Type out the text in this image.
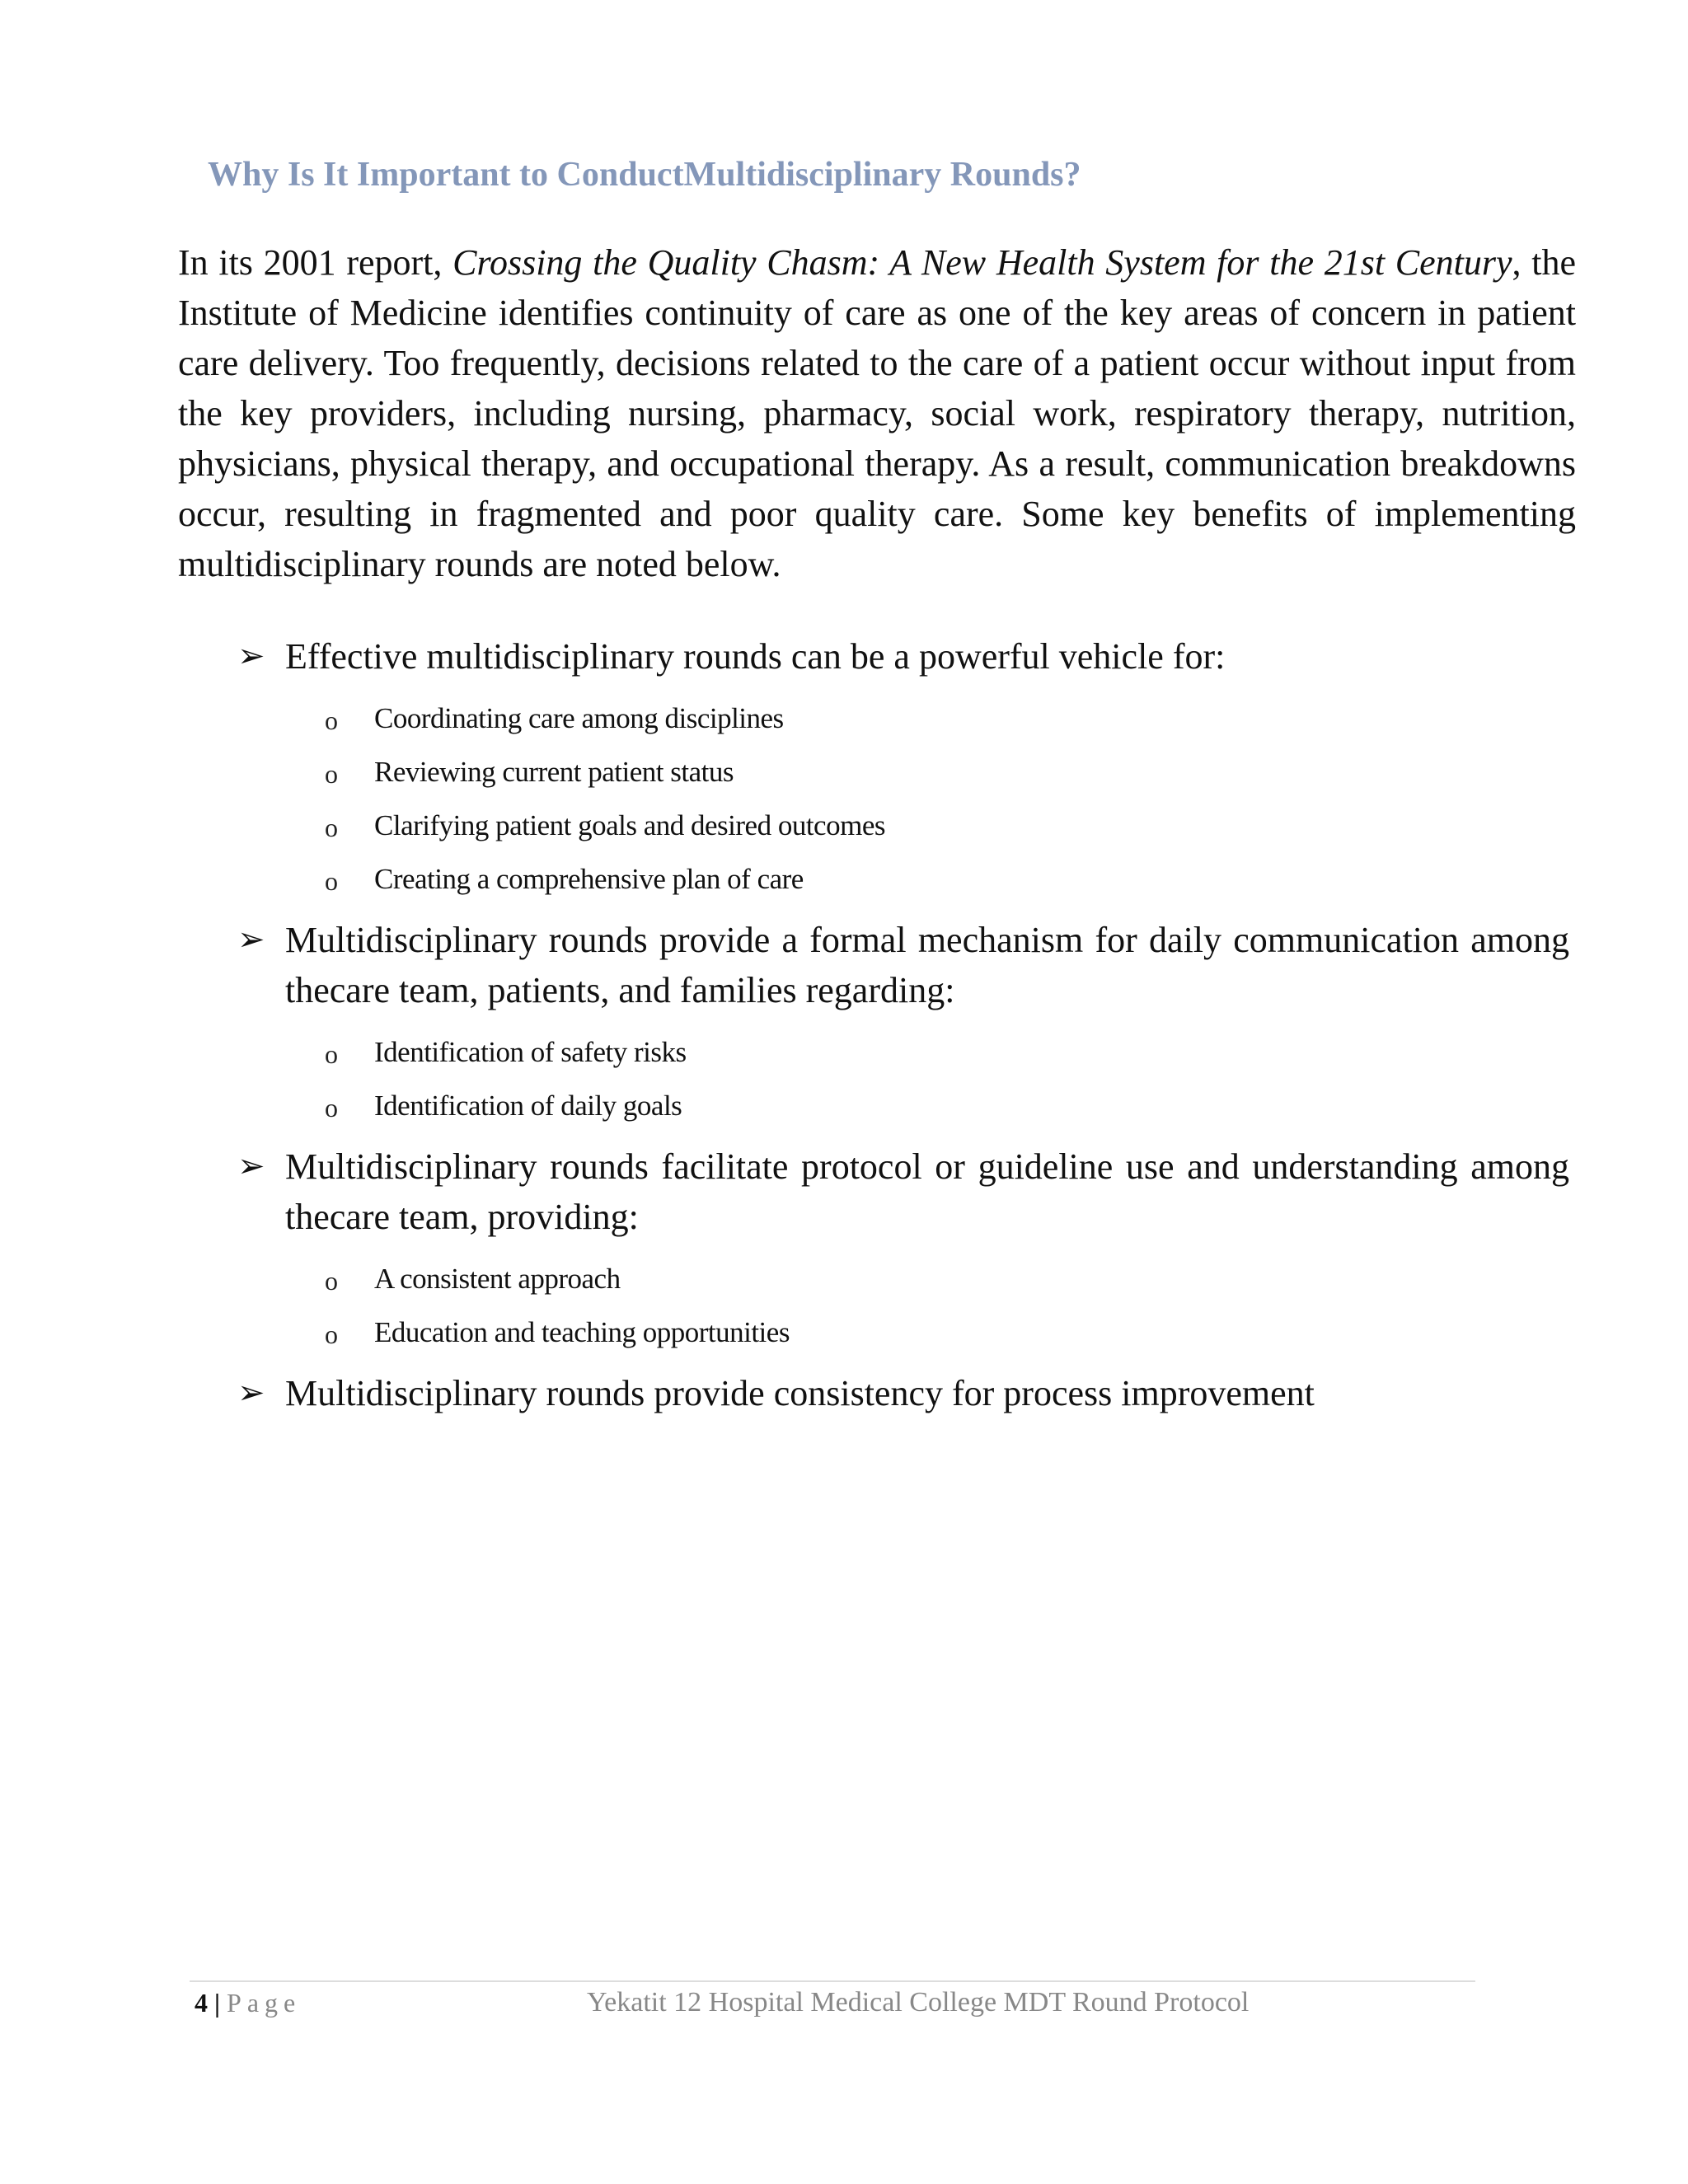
Why Is It Important to ConductMultidisciplinary Rounds?

In its 2001 report, Crossing the Quality Chasm: A New Health System for the 21st Century, the Institute of Medicine identifies continuity of care as one of the key areas of concern in patient care delivery. Too frequently, decisions related to the care of a patient occur without input from the key providers, including nursing, pharmacy, social work, respiratory therapy, nutrition, physicians, physical therapy, and occupational therapy. As a result, communication breakdowns occur, resulting in fragmented and poor quality care. Some key benefits of implementing multidisciplinary rounds are noted below.

➢ Effective multidisciplinary rounds can be a powerful vehicle for:
o Coordinating care among disciplines
o Reviewing current patient status
o Clarifying patient goals and desired outcomes
o Creating a comprehensive plan of care
➢ Multidisciplinary rounds provide a formal mechanism for daily communication among thecare team, patients, and families regarding:
o Identification of safety risks
o Identification of daily goals
➢ Multidisciplinary rounds facilitate protocol or guideline use and understanding among thecare team, providing:
o A consistent approach
o Education and teaching opportunities
➢ Multidisciplinary rounds provide consistency for process improvement
4 | Page	Yekatit 12 Hospital Medical College MDT Round Protocol
